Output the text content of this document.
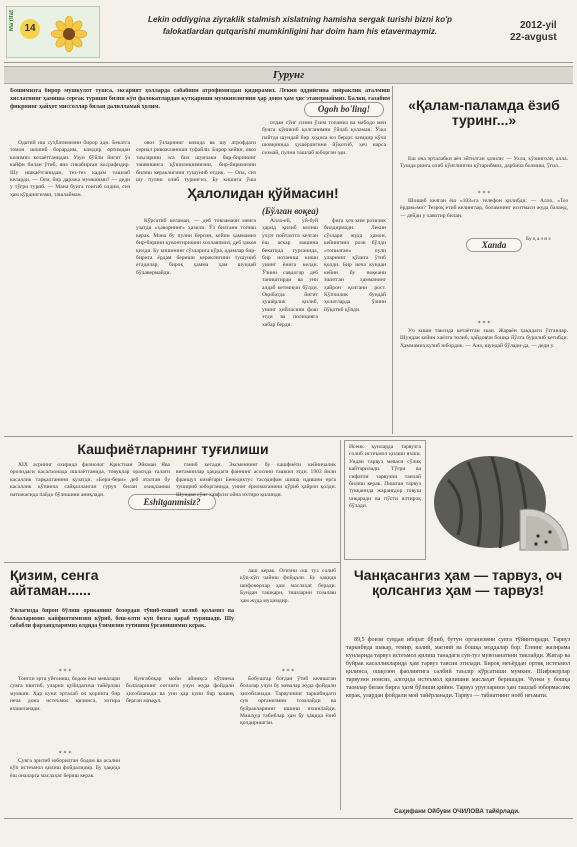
Ma'rifat 14
Lekin oddiygina ziyraklik stalmish xislatning hamisha sergak turishi bizni ko'p falokatlardan qutqarishi mumkinligini har doim ham his etavermaymiz.
2012-yil
22-avgust
Гурунг
Бошимизга бирор мушкулот тушса, эксарият ҳолларда сабабини атрофимиздан қидирамиз. Лекин оддийгина зийраклик аталмиш хислатнинг ҳамиша сергак туриши бизни кўп фалокатлардан қутқариши мумкинлигини ҳар доим ҳам ҳис этавермаймиз. Балки, ғазабим фикрнинг ҳайҳот миссоллар билан далилламай ҳолим.	Ogoh bo'ling!

Одатий иш суҳбатимизни бирор ади. Бекатга томон шошиб борардим, кимдир ортимдан кизимиз келаётганидан. Узун бўйли йигит ўз кайфи билан ўтиб, яна сикабирган косрафидир. Шу ишкаётганидан, тез-тез кадам ташлаб келарди. — Опа, бир даража мумкинми? — деди у тўғри туриб. — Мана бунга тонгиб олдим, сиз ҳам кўрдингизми, ташлайман.

овоз ўзларнинг кизида ва шу атрофдаги сериал ривожланиши туфайли. Бирор кейин, овоз таъсирини эса биз шунчаки бир-бирининг ташвишига қўшилишимизни, бир-биримизни билиш кераклигини тушуниб етдик. — Опа, сиз шу пулни олиб турингиз. Бу кишига ўша

отдан сўнг сизни ўзим топамиз ва мабодо мен бунга кўникиб қолганимни ўйлаб қоламан. Ўша пайтда шундай бир ҳодиса юз берди: кимдир кўча шовқинида ҳушёрлигини йўқотиб, ҳеч нарса сезмай, пулни ташлаб юборган эди.

Ҳалолидан қўймасин!
(Бўлган воқеа)

Кўрсатиб келаман, — деб товламачи менга узатди «ҳаворнинг» ҳазили. Ўз билгани топиш керак. Мана бу пулни берсин, кейин ҳаммамиз бир-бирини қувонтиришни хохлаяпмиз, деб ҳикоя қилди. Бу кишининг сўзларига кўра, одамлар бир-бирига ёрдам бериши кераклигини тушуниб етадилар, бироқ ҳамма ҳам шундай бўлавермайди.

Алло-ей, уй-буй ҳарид қилиб келиш учун пойтахтга келган ёш аскар машина бекатида турганида, бир нотаниш киши унинг ёнига келди. Ўзини савдогар деб таништирди ва уни алдаб кетмоқчи бўлди. Оқибатда йигит ҳушёрлик қилиб, унинг ҳийласини фош этди ва полицияга хабар берди.

фига ҳеч ким розилик билдирмади. Лекин сўзлари жуда ҳамон, кейингина рози бўлди «топилган» пули уларнинг қўлига ўтиб қолди. Бир неча кундан кейин бу воқеани эшитган ҳамманинг ҳайрон қолгани рост. Кўпчилик бундай ҳолатларда ўзини йўқотиб қўяди.

«Қалам-паламда ёзиб туринг...»

Еш она эрталабки аёл эйтилган ҳазили: — Ухла, кўзинголи, алла. Тушда ринга олиб кўнглингни кўтарибмиз, дарбича болмиш, ўғил...

* * *

Шошиб келган ёш «103»га телефон қилибди: — Алло, «Тез ёрдам»ми? Тезроқ етиб келинглар, боламнинг иситмаси жуда баланд, — дейди у хавотир билан.

Xanda
Бу қ а з и з
* * *

Уч киши таксида кетаётган экан. Жараён ҳақидаги ўтганлар. Шундан кейин хаёлга толиб, ҳайдовчи бошқа йўлга бурилиб кетибди. Ҳаммамиз кулиб юбордик. — Ана, шундай бўлади-да, — деди у.

Кашфиётларнинг туғилиши

XIX асрнинг охирида физиолог Кристиан Эйкман Ява оролидаги касалхонада ишлаётганида, товуқлар орасида ғалати касаллик тарқалганини кузатди. «Бери-бери» деб аталган бу касаллик кўпинча сайқалланган гуруч билан озиқланиш натижасида пайдо бўлишини аниқлади.

Eshitganmisiz?

ганиб кетади. Эксменнинг бу кашфиёти кейинчалик витаминлар ҳақидаги фаннинг асосини ташкил этди. 1903 йили француз кимёгари Бенедиктус тасодифан шиша идишни ерга тушириб юборганида, унинг ёрилмаганини кўриб ҳайрон қолди. Шундан сўнг хавфсиз ойна ихтиро қилинди.

Исеик кунларда тарвузга солиб истеъмол қилиш яхши. Ундан тарвуз меваси сўлиқ кайтарилади. Тўғри ва сифатли тарвузни танлай билиш керак. Пишган тарвуз тукқанида жарангдор товуш чиқаради ва пўсти ялтироқ бўлади.
Қизим, сенга айтаман......
Ўйлагизда бирон бўлиш ориканинг бозордан тўниб-тошиб келиб қоламиз ва болаларимиз кайфиятимизни кўриб, беш-олти кун бизга қараб туришади. Шу сабабли фарзандларимиз олдида ўзимизни тутишни ўрганишимиз керак.
* * *

Тонгли эрта уйғониш, бодом ёки мевалари сувга ивитиб, уларни қуйидагича тайёрлаш мумкин. Ҳар куни эрталаб оч қоринга бир неча дона истеъмол қилинса, хотира яхшиланади.

* * *

Сувга эритиб юборилган бодом ва асални кўп истеъмол қилиш фойдалидир. Бу ҳақида ёш оналарга маслаҳат бериш керак.

Кунгабоқар мойи айниқса кўпинча болаларнинг соғлиғи учун жуда фойдали ҳисобланади ва уни ҳар куни бир қошиқ берган маъқул.

лаш керак. Оғизни ош туз солиб кўп-кўп чайиш фойдали. Бу ҳақида шифокорлар ҳам маслаҳат беради. Бундан ташқари, тишларни тозалаш ҳам жуда муҳимдир.

* * *

Бобушгар боғдан ўтиб келишган болалар учун бу мевалар жуда фойдали ҳисобланади. Тарвузнинг таркибидаги сув организмни тозалайди ва буйракларнинг ишини яхшилайди. Машҳур табиблар ҳам бу ҳақида ёзиб қолдиришган.

Чанқасангиз ҳам — тарвуз, оч қолсангиз ҳам — тарвуз!

89,5 фоизи сувдан иборат бўлиб, бутун организмни сувга тўйинтиради. Тарвуз таркибида шакар, темир, калий, магний ва бошқа моддалар бор. Ёзнинг жазирама кунларида тарвуз истеъмол қилиш танадаги сув-туз мувозанатини тиклайди. Жигар ва буйрак касалликларида ҳам тарвуз тавсия этилади. Бироқ меъёрдан ортиқ истеъмол қилинса, ошқозон фаолиятига салбий таъсир кўрсатиши мумкин. Шифокорлар тарвузни нонсиз, алоҳида истеъмол қилишни маслаҳат беришади. Чунки у бошқа таомлар билан бирга ҳазм бўлиши қийин. Тарвуз уруғларини ҳам ташлаб юбормаслик керак, улардан фойдали мой тайёрланади. Тарвуз — табиатнинг ноёб неъмати.

Саҳифани Ойбуви ОЧИЛОВА тайёрлади.
